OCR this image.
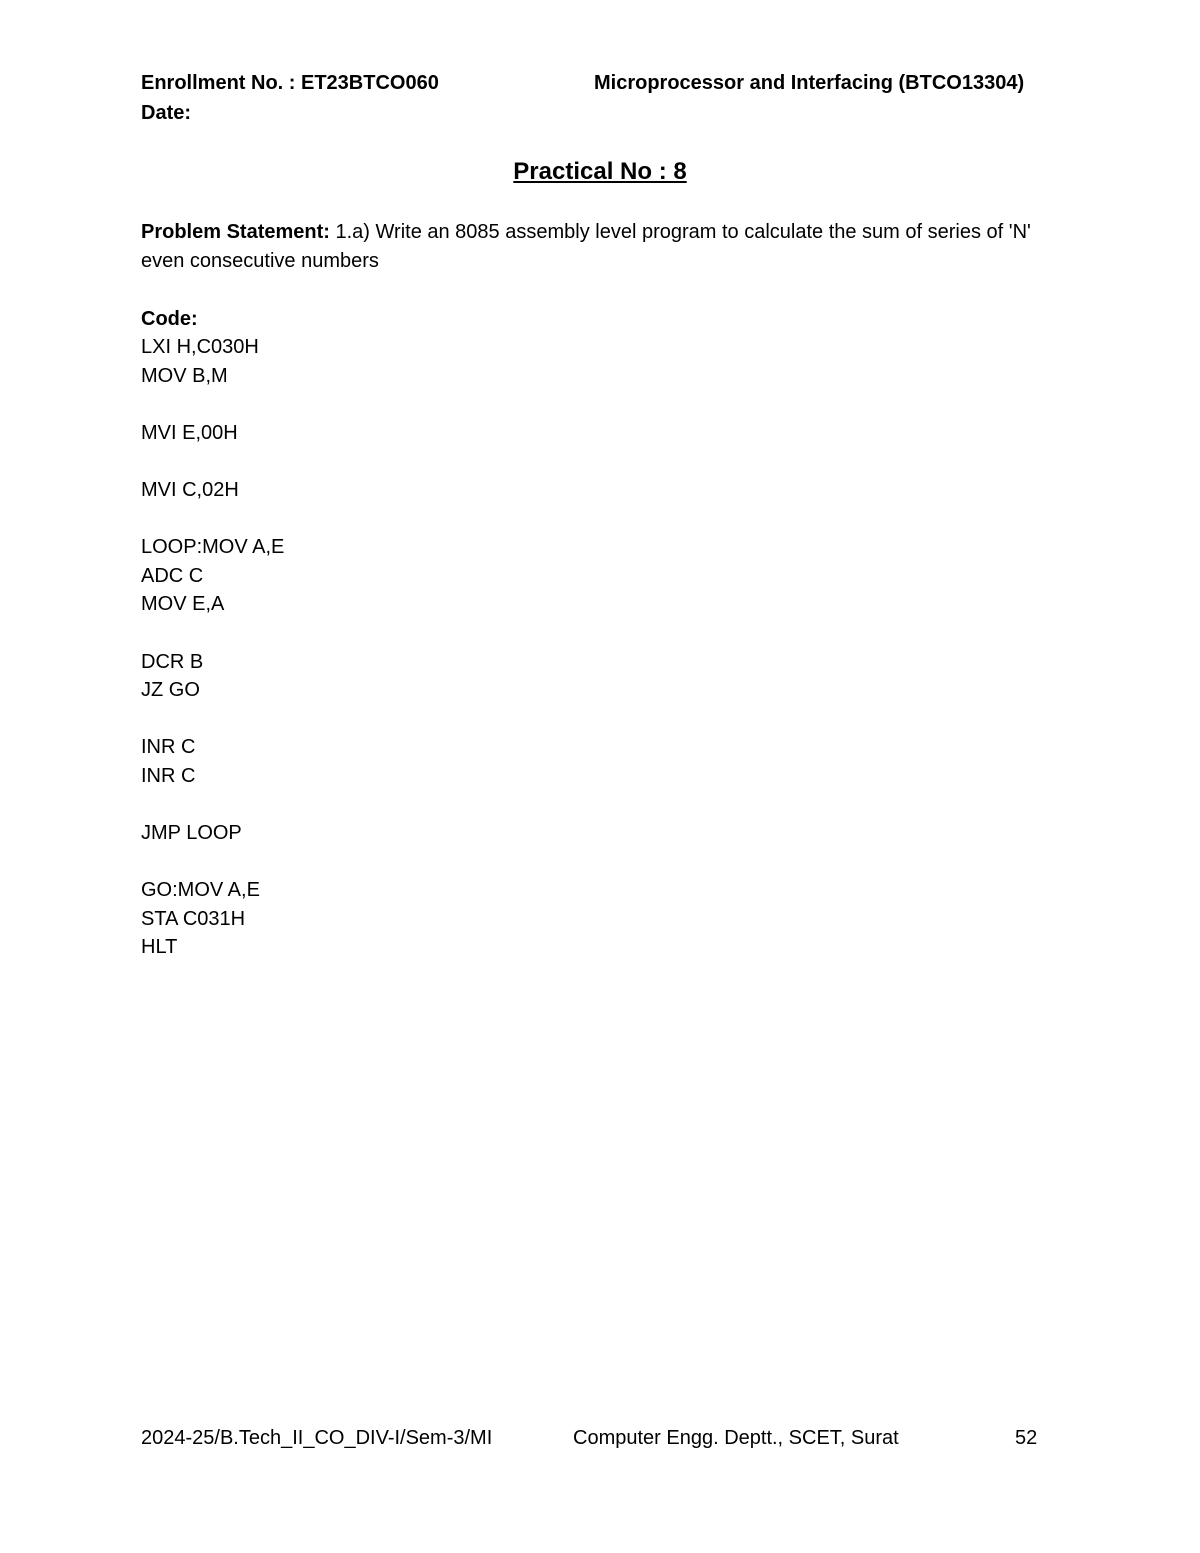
Enrollment No. : ET23BTCO060	Microprocessor and Interfacing (BTCO13304)
Date:
Practical No : 8
Problem Statement: 1.a) Write an 8085 assembly level program to calculate the sum of series of 'N' even consecutive numbers
Code:
LXI H,C030H
MOV B,M
MVI E,00H
MVI C,02H
LOOP:MOV A,E
ADC C
MOV E,A
DCR B
JZ GO
INR C
INR C
JMP LOOP
GO:MOV A,E
STA C031H
HLT
2024-25/B.Tech_II_CO_DIV-I/Sem-3/MI	Computer Engg. Deptt., SCET, Surat	52
